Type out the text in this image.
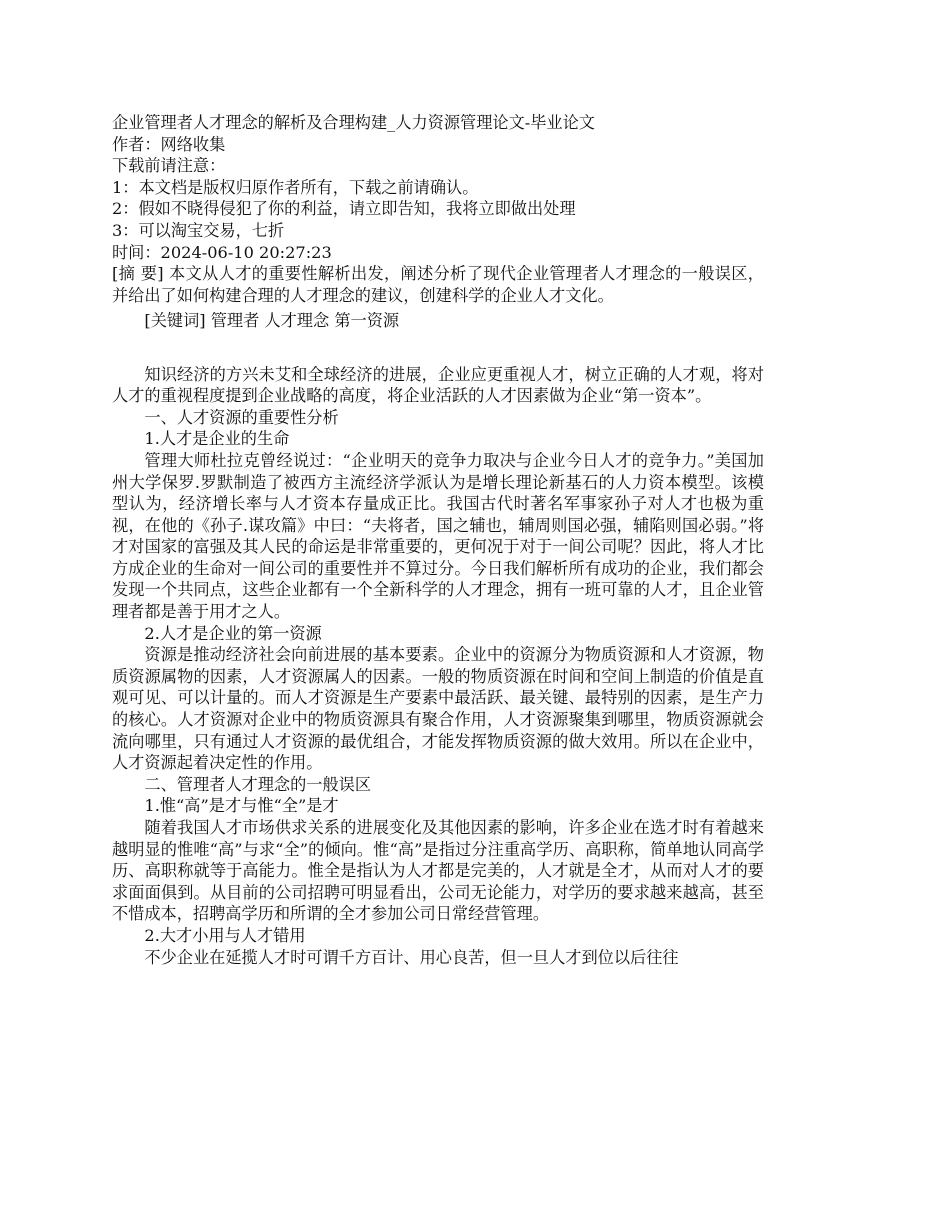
企业管理者人才理念的解析及合理构建_人力资源管理论文-毕业论文
作者：网络收集
下载前请注意：
1：本文档是版权归原作者所有，下载之前请确认。
2：假如不晓得侵犯了你的利益，请立即告知，我将立即做出处理
3：可以淘宝交易，七折
时间：2024-06-10 20:27:23

[摘 要] 本文从人才的重要性解析出发，阐述分析了现代企业管理者人才理念的一般误区，并给出了如何构建合理的人才理念的建议，创建科学的企业人才文化。

[关键词] 管理者 人才理念 第一资源

知识经济的方兴未艾和全球经济的进展，企业应更重视人才，树立正确的人才观，将对人才的重视程度提到企业战略的高度，将企业活跃的人才因素做为企业“第一资本”。

一、人才资源的重要性分析
1.人才是企业的生命

管理大师杜拉克曾经说过：“企业明天的竞争力取决与企业今日人才的竞争力。”美国加州大学保罗.罗默制造了被西方主流经济学派认为是增长理论新基石的人力资本模型。该模型认为，经济增长率与人才资本存量成正比。我国古代时著名军事家孙子对人才也极为重视，在他的《孙子.谋攻篇》中曰：“夫将者，国之辅也，辅周则国必强，辅陷则国必弱。”将才对国家的富强及其人民的命运是非常重要的，更何况于对于一间公司呢？因此，将人才比方成企业的生命对一间公司的重要性并不算过分。今日我们解析所有成功的企业，我们都会发现一个共同点，这些企业都有一个全新科学的人才理念，拥有一班可靠的人才，且企业管理者都是善于用才之人。

2.人才是企业的第一资源

资源是推动经济社会向前进展的基本要素。企业中的资源分为物质资源和人才资源，物质资源属物的因素，人才资源属人的因素。一般的物质资源在时间和空间上制造的价值是直观可见、可以计量的。而人才资源是生产要素中最活跃、最关键、最特别的因素，是生产力的核心。人才资源对企业中的物质资源具有聚合作用，人才资源聚集到哪里，物质资源就会流向哪里，只有通过人才资源的最优组合，才能发挥物质资源的做大效用。所以在企业中，人才资源起着决定性的作用。

二、管理者人才理念的一般误区
1.惟“高”是才与惟“全”是才

随着我国人才市场供求关系的进展变化及其他因素的影响，许多企业在选才时有着越来越明显的惟唯“高”与求“全”的倾向。惟“高”是指过分注重高学历、高职称，简单地认同高学 历、高职称就等于高能力。惟全是指认为人才都是完美的，人才就是全才，从而对人才的要求面面俱到。从目前的公司招聘可明显看出，公司无论能力，对学历的要求越来越高，甚至不惜成本，招聘高学历和所谓的全才参加公司日常经营管理。

2.大才小用与人才错用

不少企业在延揽人才时可谓千方百计、用心良苦，但一旦人才到位以后往往
